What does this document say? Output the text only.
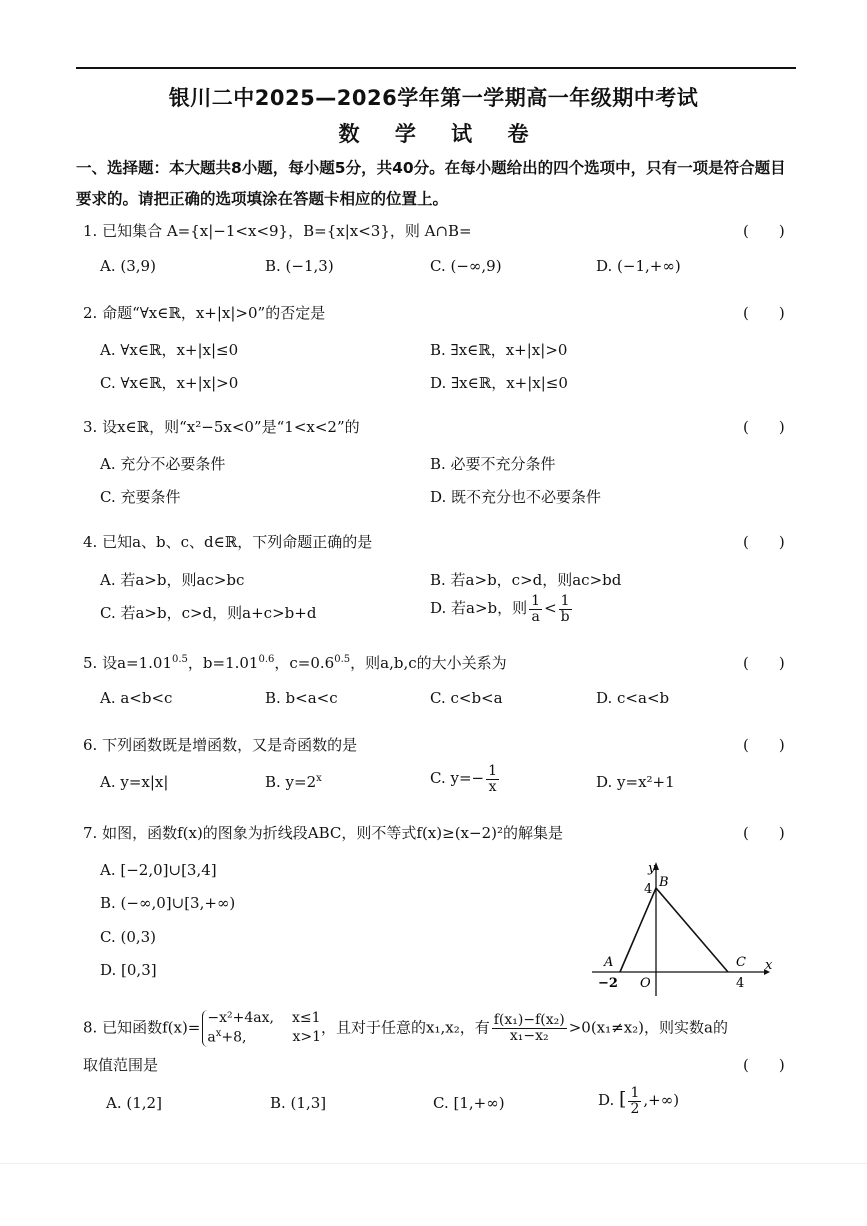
银川二中2025—2026学年第一学期高一年级期中考试
数 学 试 卷
一、选择题：本大题共8小题，每小题5分，共40分。在每小题给出的四个选项中，只有一项是符合题目要求的。请把正确的选项填涂在答题卡相应的位置上。
1. 已知集合 A={x|−1<x<9}，B={x|x<3}，则 A∩B=	(　　)
A. (3,9)	B. (−1,3)	C. (−∞,9)	D. (−1,+∞)
2. 命题“∀x∈ℝ，x+|x|>0”的否定是	(　　)
A. ∀x∈ℝ，x+|x|≤0	B. ∃x∈ℝ，x+|x|>0
C. ∀x∈ℝ，x+|x|>0	D. ∃x∈ℝ，x+|x|≤0
3. 设x∈ℝ，则“x²−5x<0”是“1<x<2”的	(　　)
A. 充分不必要条件	B. 必要不充分条件
C. 充要条件	D. 既不充分也不必要条件
4. 已知a、b、c、d∈ℝ，下列命题正确的是	(　　)
A. 若a>b，则ac>bc	B. 若a>b，c>d，则ac>bd
C. 若a>b，c>d，则a+c>b+d	D. 若a>b，则 $\frac{1}{a} < \frac{1}{b}$
5. 设$a=1.01^{0.5}$，$b=1.01^{0.6}$，$c=0.6^{0.5}$，则a,b,c的大小关系为	(　　)
A. a<b<c	B. b<a<c	C. c<b<a	D. c<a<b
6. 下列函数既是增函数，又是奇函数的是	(　　)
A. y=x|x|	B. $y=2^x$	C. $y=- \frac{1}{x}$	D. y=x²+1
7. 如图，函数f(x)的图象为折线段ABC，则不等式f(x)≥(x−2)²的解集是	(　　)
A. [−2,0]∪[3,4]
B. (−∞,0]∪[3,+∞)
C. (0,3)
D. [0,3]
y
x
B
4
A	C
O
−2	4
8. 已知函数f(x)=
−x²+4ax, x≤1
$a^x+8$,	x>1
，且对于任意的x₁,x₂，有 $\frac{\text{f(x₁)−f(x₂)}}{\text{x₁−x₂}} >0(x_1\ne x_2)$，则实数a的
取值范围是	(　　)
A. (1,2]	B. (1,3]	C. [1,+∞)	D. [ $\frac{1}{2}$ ,+∞)
